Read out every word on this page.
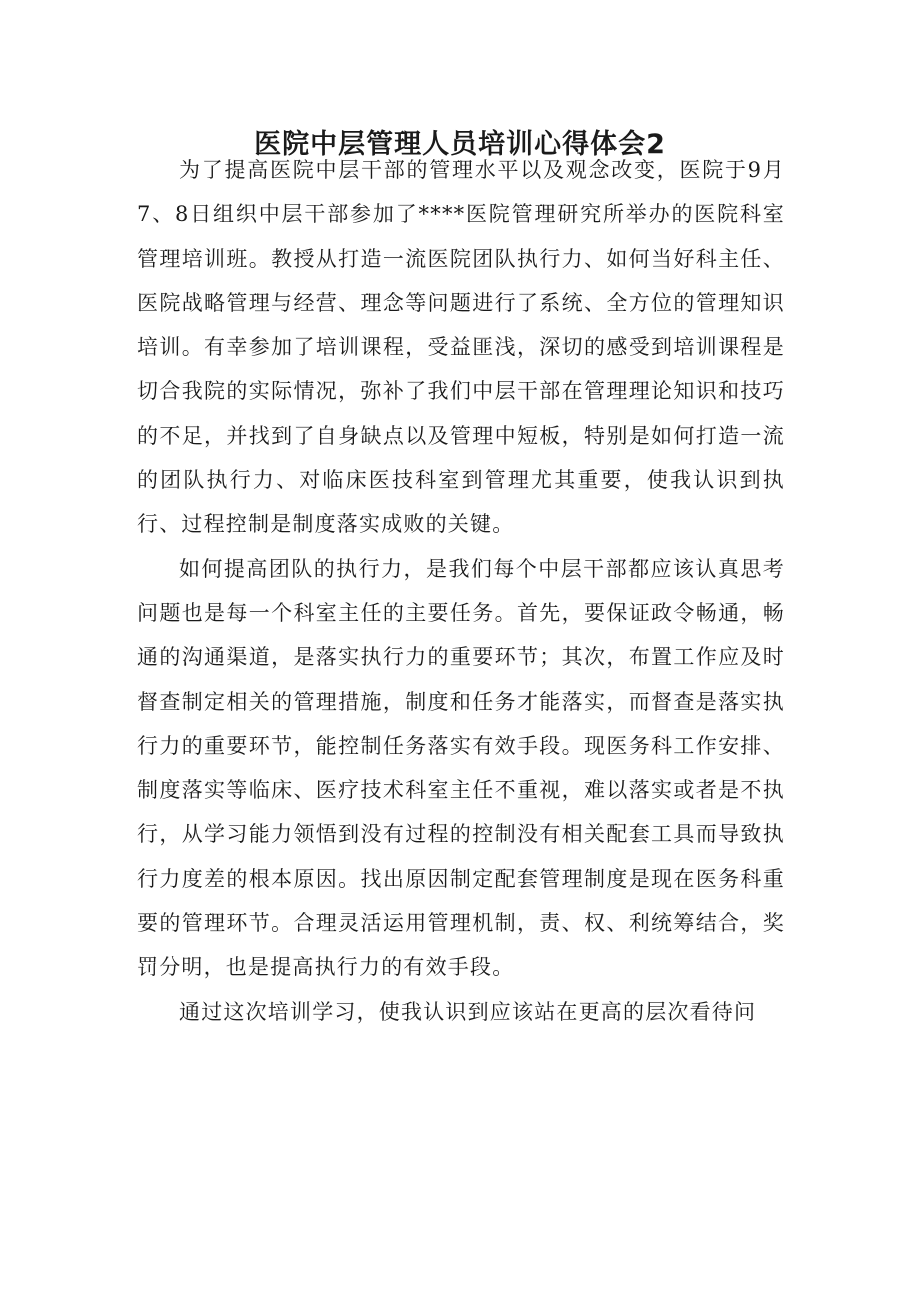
医院中层管理人员培训心得体会2

为了提高医院中层干部的管理水平以及观念改变，医院于9月7、8日组织中层干部参加了****医院管理研究所举办的医院科室管理培训班。教授从打造一流医院团队执行力、如何当好科主任、医院战略管理与经营、理念等问题进行了系统、全方位的管理知识培训。有幸参加了培训课程，受益匪浅，深切的感受到培训课程是切合我院的实际情况，弥补了我们中层干部在管理理论知识和技巧的不足，并找到了自身缺点以及管理中短板，特别是如何打造一流的团队执行力、对临床医技科室到管理尤其重要，使我认识到执行、过程控制是制度落实成败的关键。

如何提高团队的执行力，是我们每个中层干部都应该认真思考问题也是每一个科室主任的主要任务。首先，要保证政令畅通，畅通的沟通渠道，是落实执行力的重要环节；其次，布置工作应及时督查制定相关的管理措施，制度和任务才能落实，而督查是落实执行力的重要环节，能控制任务落实有效手段。现医务科工作安排、制度落实等临床、医疗技术科室主任不重视，难以落实或者是不执行，从学习能力领悟到没有过程的控制没有相关配套工具而导致执行力度差的根本原因。找出原因制定配套管理制度是现在医务科重要的管理环节。合理灵活运用管理机制，责、权、利统筹结合，奖罚分明，也是提高执行力的有效手段。

通过这次培训学习，使我认识到应该站在更高的层次看待问
